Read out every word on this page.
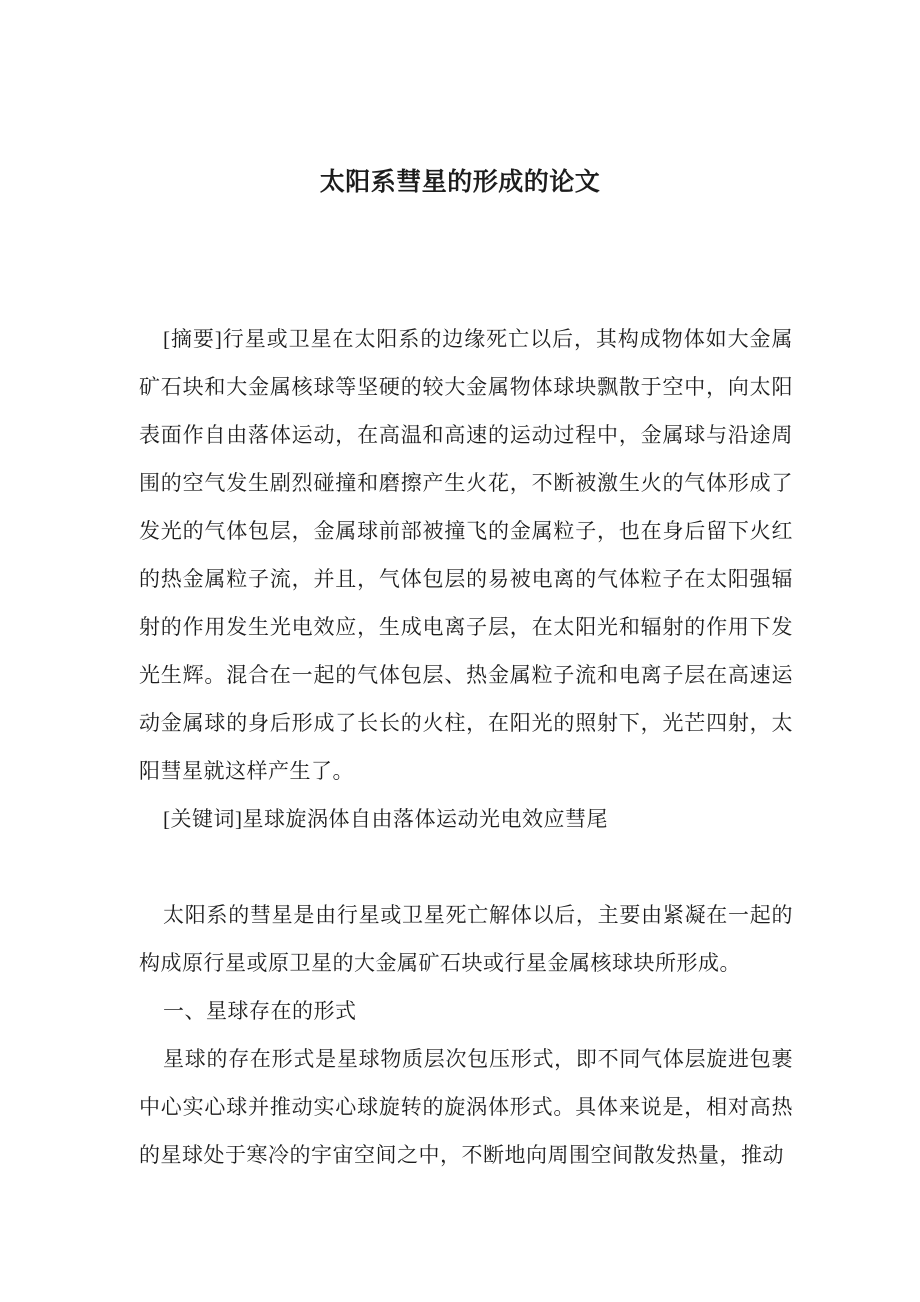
太阳系彗星的形成的论文

[摘要]行星或卫星在太阳系的边缘死亡以后，其构成物体如大金属矿石块和大金属核球等坚硬的较大金属物体球块飘散于空中，向太阳表面作自由落体运动，在高温和高速的运动过程中，金属球与沿途周围的空气发生剧烈碰撞和磨擦产生火花，不断被激生火的气体形成了发光的气体包层，金属球前部被撞飞的金属粒子，也在身后留下火红的热金属粒子流，并且，气体包层的易被电离的气体粒子在太阳强辐射的作用发生光电效应，生成电离子层，在太阳光和辐射的作用下发光生辉。混合在一起的气体包层、热金属粒子流和电离子层在高速运动金属球的身后形成了长长的火柱，在阳光的照射下，光芒四射，太阳彗星就这样产生了。

[关键词]星球旋涡体自由落体运动光电效应彗尾

太阳系的彗星是由行星或卫星死亡解体以后，主要由紧凝在一起的构成原行星或原卫星的大金属矿石块或行星金属核球块所形成。

一、星球存在的形式

星球的存在形式是星球物质层次包压形式，即不同气体层旋进包裹中心实心球并推动实心球旋转的旋涡体形式。具体来说是，相对高热的星球处于寒冷的宇宙空间之中，不断地向周围空间散发热量，推动
